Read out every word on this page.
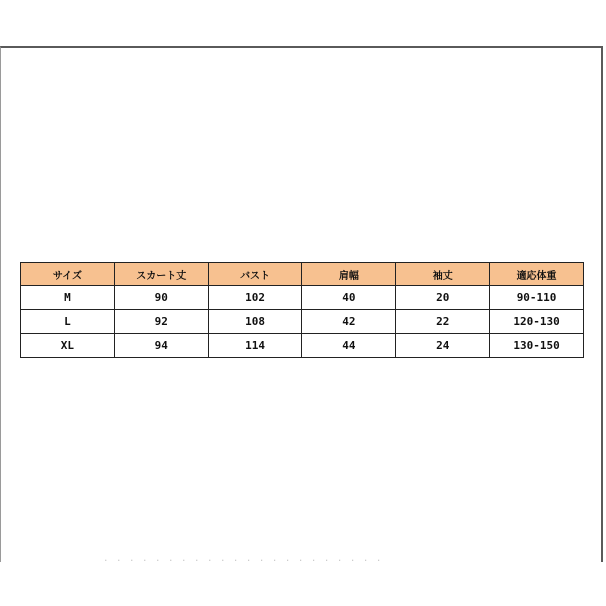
サイズ	スカート丈	バスト	肩幅	袖丈	適応体重
M	90	102	40	20	90-110
L	92	108	42	22	120-130
XL	94	114	44	24	130-150
· · · · · · · · · · · · · · · · · · · · · ·
